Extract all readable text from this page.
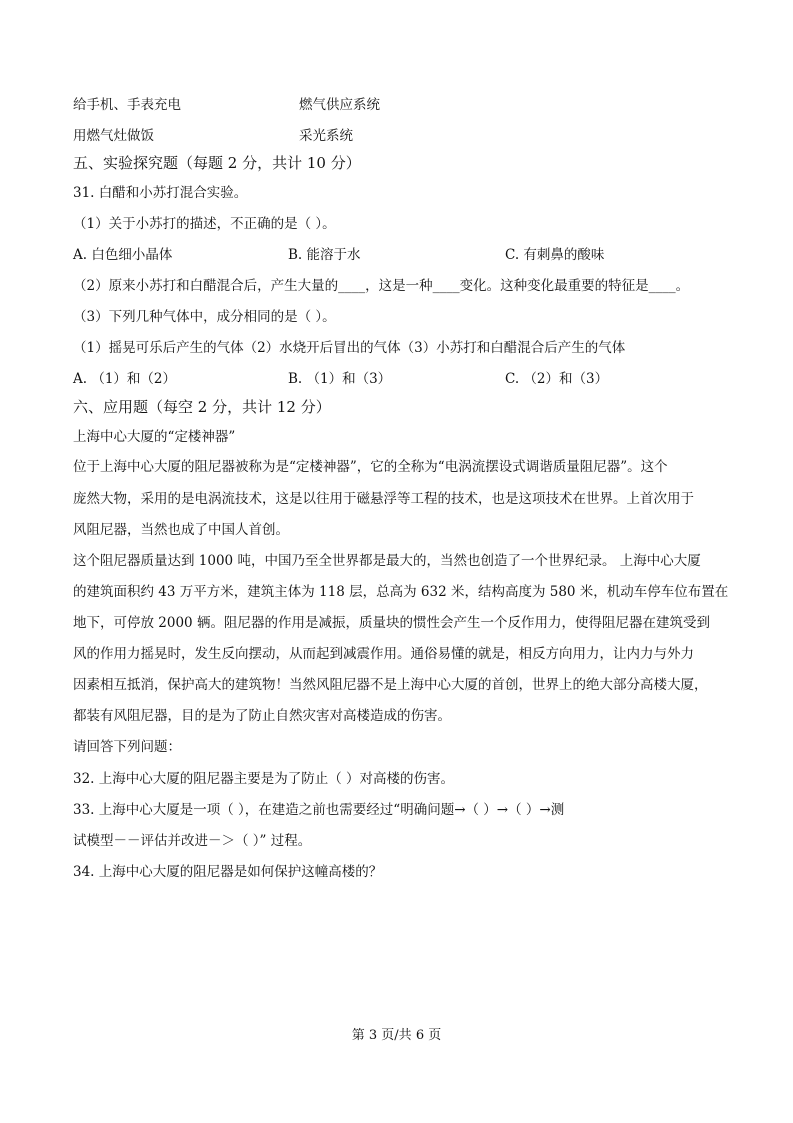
给手机、手表充电	燃气供应系统
用燃气灶做饭	采光系统
五、实验探究题（每题 2 分，共计 10 分）
31. 白醋和小苏打混合实验。
（1）关于小苏打的描述，不正确的是（ ）。
A. 白色细小晶体	B. 能溶于水	C. 有刺鼻的酸味
（2）原来小苏打和白醋混合后，产生大量的____，这是一种____变化。这种变化最重要的特征是____。
（3）下列几种气体中，成分相同的是（ ）。
（1）摇晃可乐后产生的气体（2）水烧开后冒出的气体（3）小苏打和白醋混合后产生的气体
A. （1）和（2）	B. （1）和（3）	C. （2）和（3）
六、应用题（每空 2 分，共计 12 分）
上海中心大厦的“定楼神器”
位于上海中心大厦的阻尼器被称为是“定楼神器”，它的全称为“电涡流摆设式调谐质量阻尼器”。这个
庞然大物，采用的是电涡流技术，这是以往用于磁悬浮等工程的技术，也是这项技术在世界。上首次用于
风阻尼器，当然也成了中国人首创。
这个阻尼器质量达到 1000 吨，中国乃至全世界都是最大的，当然也创造了一个世界纪录。 上海中心大厦
的建筑面积约 43 万平方米，建筑主体为 118 层，总高为 632 米，结构高度为 580 米，机动车停车位布置在
地下，可停放 2000 辆。阻尼器的作用是减振，质量块的惯性会产生一个反作用力，使得阻尼器在建筑受到
风的作用力摇晃时，发生反向摆动，从而起到减震作用。通俗易懂的就是，相反方向用力，让内力与外力
因素相互抵消，保护高大的建筑物！当然风阻尼器不是上海中心大厦的首创，世界上的绝大部分高楼大厦，
都装有风阻尼器，目的是为了防止自然灾害对高楼造成的伤害。
请回答下列问题：
32. 上海中心大厦的阻尼器主要是为了防止（ ）对高楼的伤害。
33. 上海中心大厦是一项（ ），在建造之前也需要经过“明确问题→（ ）→（ ）→测
试模型－－评估并改进－＞（ ）” 过程。
34. 上海中心大厦的阻尼器是如何保护这幢高楼的？
第 3 页/共 6 页
